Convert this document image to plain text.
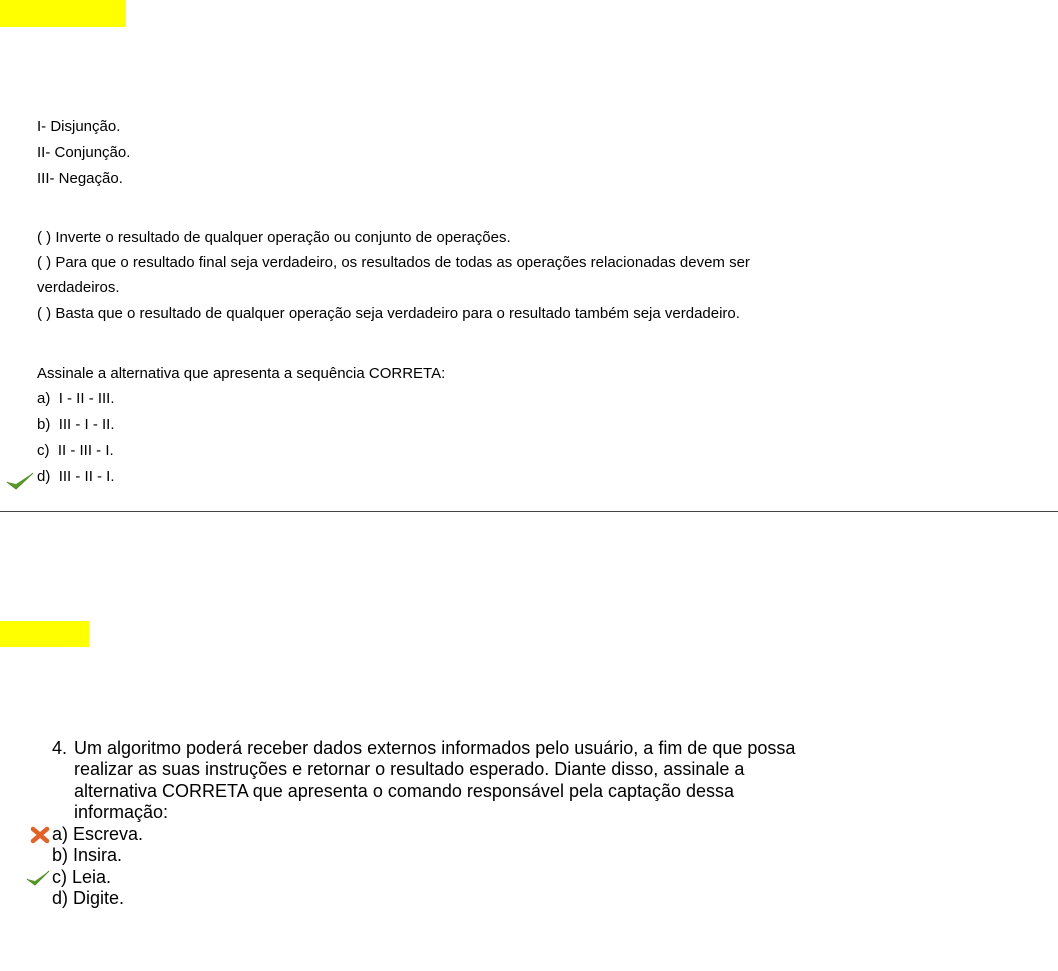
I- Disjunção.
II- Conjunção.
III- Negação.
( ) Inverte o resultado de qualquer operação ou conjunto de operações.
( ) Para que o resultado final seja verdadeiro, os resultados de todas as operações relacionadas devem ser
verdadeiros.
( ) Basta que o resultado de qualquer operação seja verdadeiro para o resultado também seja verdadeiro.
Assinale a alternativa que apresenta a sequência CORRETA:
a) I - II - III.
b) III - I - II.
c) II - III - I.
d) III - II - I.
4. Um algoritmo poderá receber dados externos informados pelo usuário, a fim de que possa
realizar as suas instruções e retornar o resultado esperado. Diante disso, assinale a
alternativa CORRETA que apresenta o comando responsável pela captação dessa
informação:
a) Escreva.
b) Insira.
c) Leia.
d) Digite.
